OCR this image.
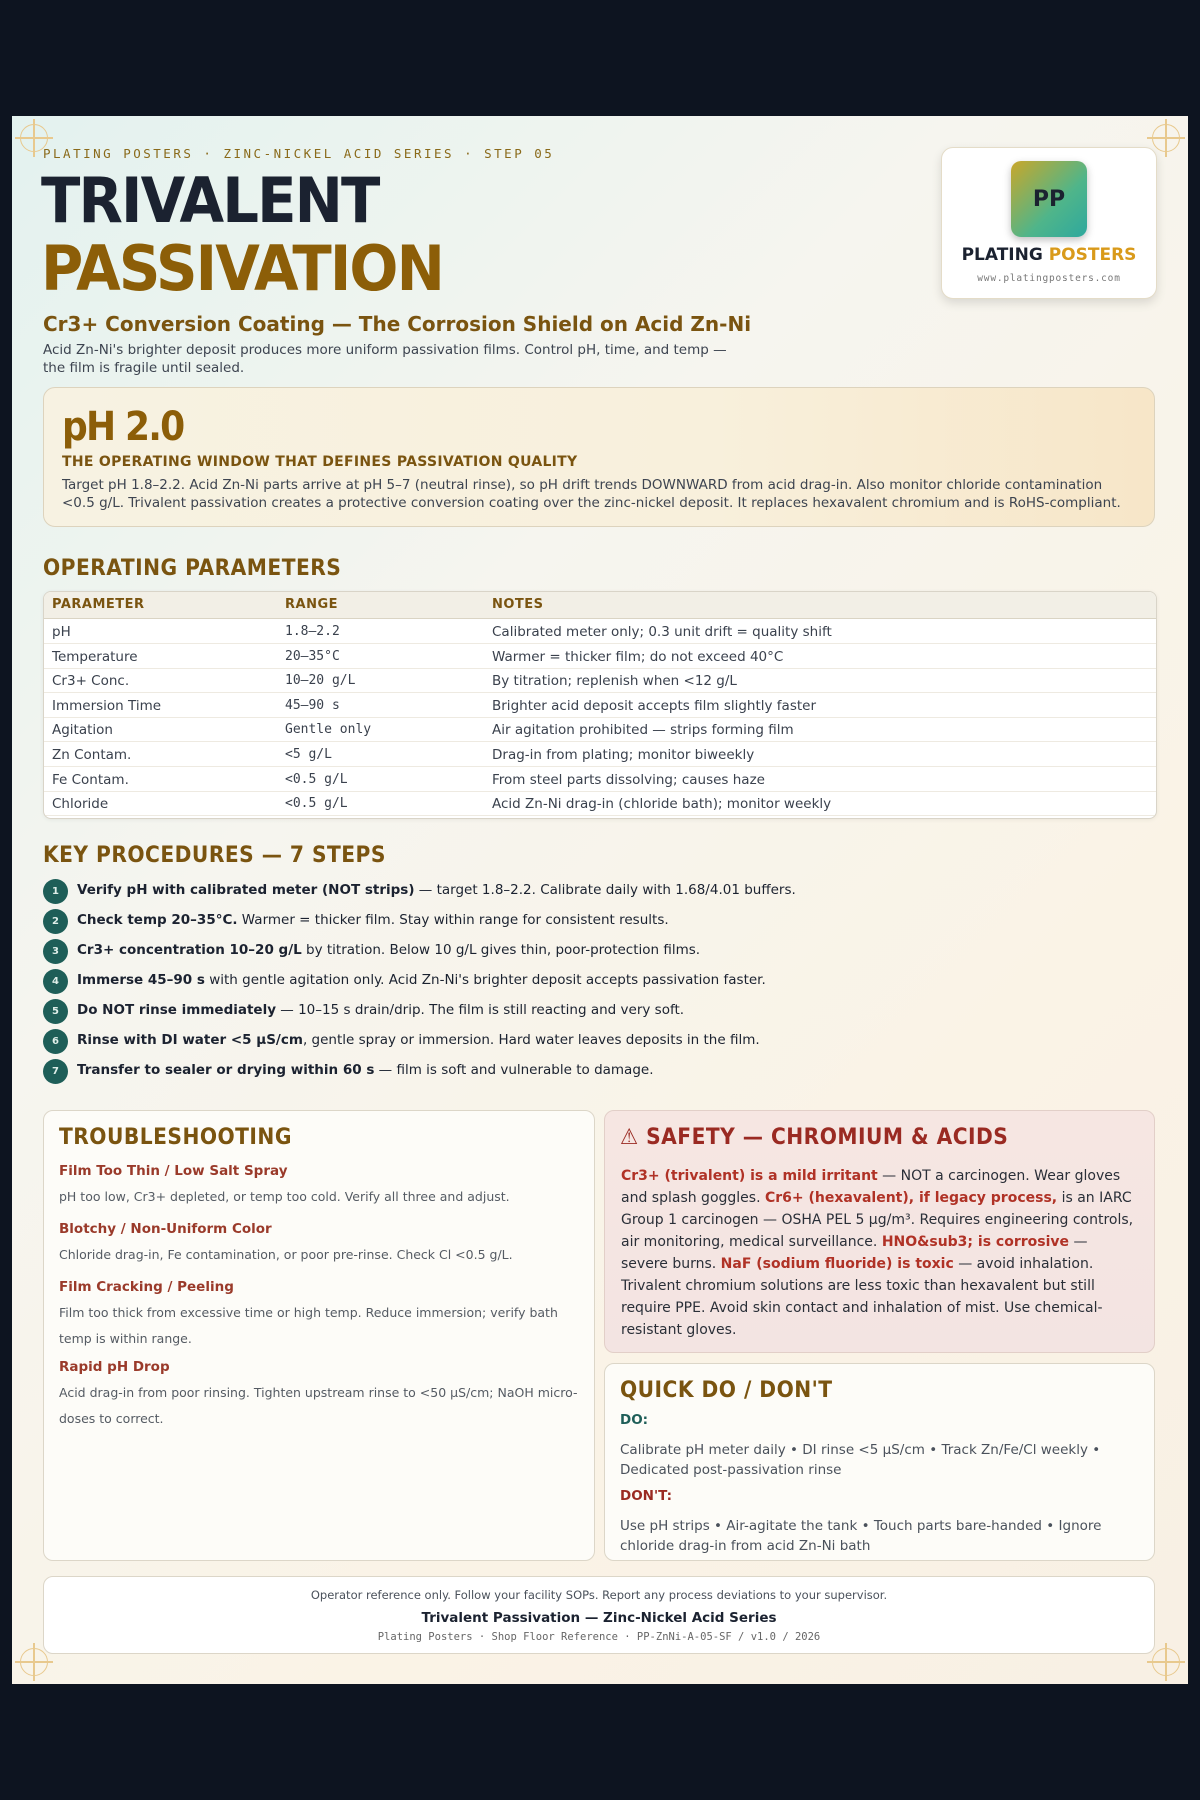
PLATING POSTERS · ZINC-NICKEL ACID SERIES · STEP 05
TRIVALENT
PASSIVATION
Cr3+ Conversion Coating — The Corrosion Shield on Acid Zn-Ni
Acid Zn-Ni's brighter deposit produces more uniform passivation films. Control pH, time, and temp — the film is fragile until sealed.
PP
PLATING POSTERS
www.platingposters.com
pH 2.0
THE OPERATING WINDOW THAT DEFINES PASSIVATION QUALITY
Target pH 1.8–2.2. Acid Zn-Ni parts arrive at pH 5–7 (neutral rinse), so pH drift trends DOWNWARD from acid drag-in. Also monitor chloride contamination <0.5 g/L. Trivalent passivation creates a protective conversion coating over the zinc-nickel deposit. It replaces hexavalent chromium and is RoHS-compliant.
OPERATING PARAMETERS
PARAMETER	RANGE	NOTES
pH	1.8–2.2	Calibrated meter only; 0.3 unit drift = quality shift
Temperature	20–35°C	Warmer = thicker film; do not exceed 40°C
Cr3+ Conc.	10–20 g/L	By titration; replenish when <12 g/L
Immersion Time	45–90 s	Brighter acid deposit accepts film slightly faster
Agitation	Gentle only	Air agitation prohibited — strips forming film
Zn Contam.	<5 g/L	Drag-in from plating; monitor biweekly
Fe Contam.	<0.5 g/L	From steel parts dissolving; causes haze
Chloride	<0.5 g/L	Acid Zn-Ni drag-in (chloride bath); monitor weekly
KEY PROCEDURES — 7 STEPS
1	Verify pH with calibrated meter (NOT strips) — target 1.8–2.2. Calibrate daily with 1.68/4.01 buffers.
2	Check temp 20–35°C. Warmer = thicker film. Stay within range for consistent results.
3	Cr3+ concentration 10–20 g/L by titration. Below 10 g/L gives thin, poor-protection films.
4	Immerse 45–90 s with gentle agitation only. Acid Zn-Ni's brighter deposit accepts passivation faster.
5	Do NOT rinse immediately — 10–15 s drain/drip. The film is still reacting and very soft.
6	Rinse with DI water <5 µS/cm, gentle spray or immersion. Hard water leaves deposits in the film.
7	Transfer to sealer or drying within 60 s — film is soft and vulnerable to damage.
TROUBLESHOOTING
Film Too Thin / Low Salt Spray
pH too low, Cr3+ depleted, or temp too cold. Verify all three and adjust.
Blotchy / Non-Uniform Color
Chloride drag-in, Fe contamination, or poor pre-rinse. Check Cl <0.5 g/L.
Film Cracking / Peeling
Film too thick from excessive time or high temp. Reduce immersion; verify bath temp is within range.
Rapid pH Drop
Acid drag-in from poor rinsing. Tighten upstream rinse to <50 µS/cm; NaOH micro-doses to correct.
⚠ SAFETY — CHROMIUM & ACIDS
Cr3+ (trivalent) is a mild irritant — NOT a carcinogen. Wear gloves and splash goggles. Cr6+ (hexavalent), if legacy process, is an IARC Group 1 carcinogen — OSHA PEL 5 µg/m³. Requires engineering controls, air monitoring, medical surveillance. HNO&sub3; is corrosive — severe burns. NaF (sodium fluoride) is toxic — avoid inhalation. Trivalent chromium solutions are less toxic than hexavalent but still require PPE. Avoid skin contact and inhalation of mist. Use chemical-resistant gloves.
QUICK DO / DON'T
DO:
Calibrate pH meter daily • DI rinse <5 µS/cm • Track Zn/Fe/Cl weekly • Dedicated post-passivation rinse
DON'T:
Use pH strips • Air-agitate the tank • Touch parts bare-handed • Ignore chloride drag-in from acid Zn-Ni bath
Operator reference only. Follow your facility SOPs. Report any process deviations to your supervisor.
Trivalent Passivation — Zinc-Nickel Acid Series
Plating Posters · Shop Floor Reference · PP-ZnNi-A-05-SF / v1.0 / 2026
